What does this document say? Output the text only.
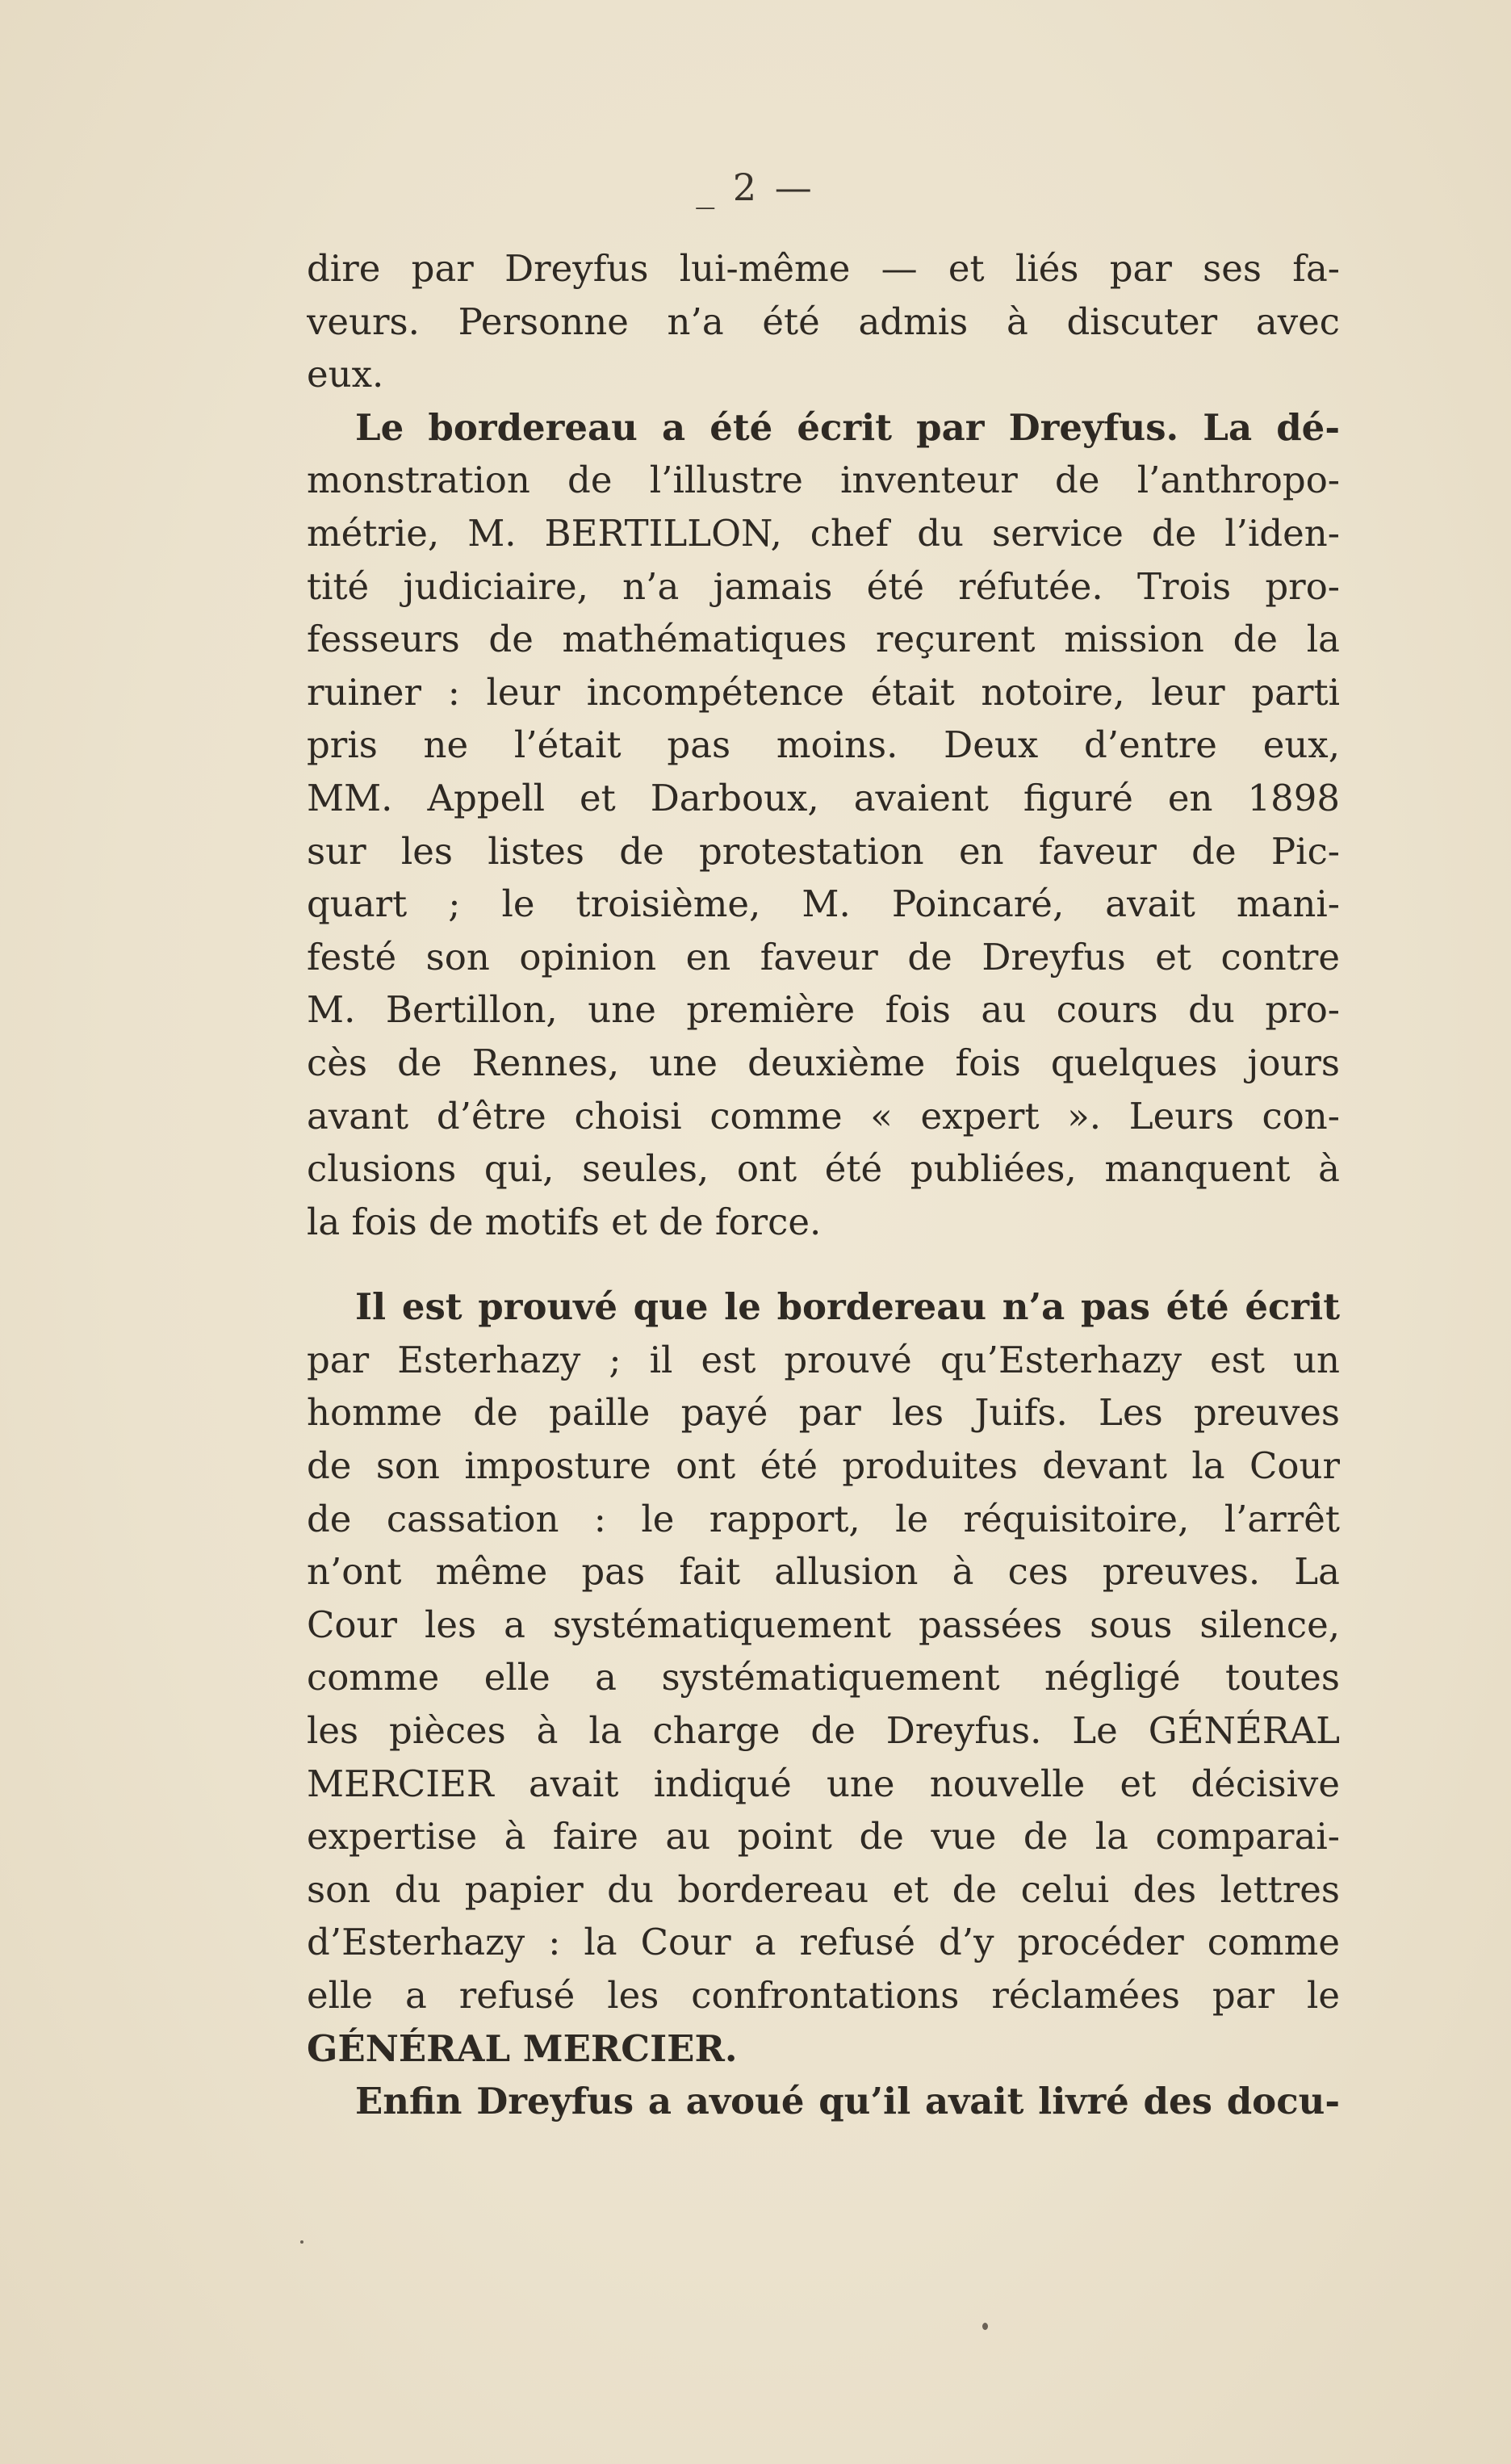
_ 2 —
dire par Dreyfus lui-même — et liés par ses fa-
veurs. Personne n’a été admis à discuter avec
eux.
Le bordereau a été écrit par Dreyfus. La dé-
monstration de l’illustre inventeur de l’anthropo-
métrie, M. BERTILLON, chef du service de l’iden-
tité judiciaire, n’a jamais été réfutée. Trois pro-
fesseurs de mathématiques reçurent mission de la
ruiner : leur incompétence était notoire, leur parti
pris ne l’était pas moins. Deux d’entre eux,
MM. Appell et Darboux, avaient figuré en 1898
sur les listes de protestation en faveur de Pic-
quart ; le troisième, M. Poincaré, avait mani-
festé son opinion en faveur de Dreyfus et contre
M. Bertillon, une première fois au cours du pro-
cès de Rennes, une deuxième fois quelques jours
avant d’être choisi comme « expert ». Leurs con-
clusions qui, seules, ont été publiées, manquent à
la fois de motifs et de force.
Il est prouvé que le bordereau n’a pas été écrit
par Esterhazy ; il est prouvé qu’Esterhazy est un
homme de paille payé par les Juifs. Les preuves
de son imposture ont été produites devant la Cour
de cassation : le rapport, le réquisitoire, l’arrêt
n’ont même pas fait allusion à ces preuves. La
Cour les a systématiquement passées sous silence,
comme elle a systématiquement négligé toutes
les pièces à la charge de Dreyfus. Le GÉNÉRAL
MERCIER avait indiqué une nouvelle et décisive
expertise à faire au point de vue de la comparai-
son du papier du bordereau et de celui des lettres
d’Esterhazy : la Cour a refusé d’y procéder comme
elle a refusé les confrontations réclamées par le
GÉNÉRAL MERCIER.
Enfin Dreyfus a avoué qu’il avait livré des docu-
